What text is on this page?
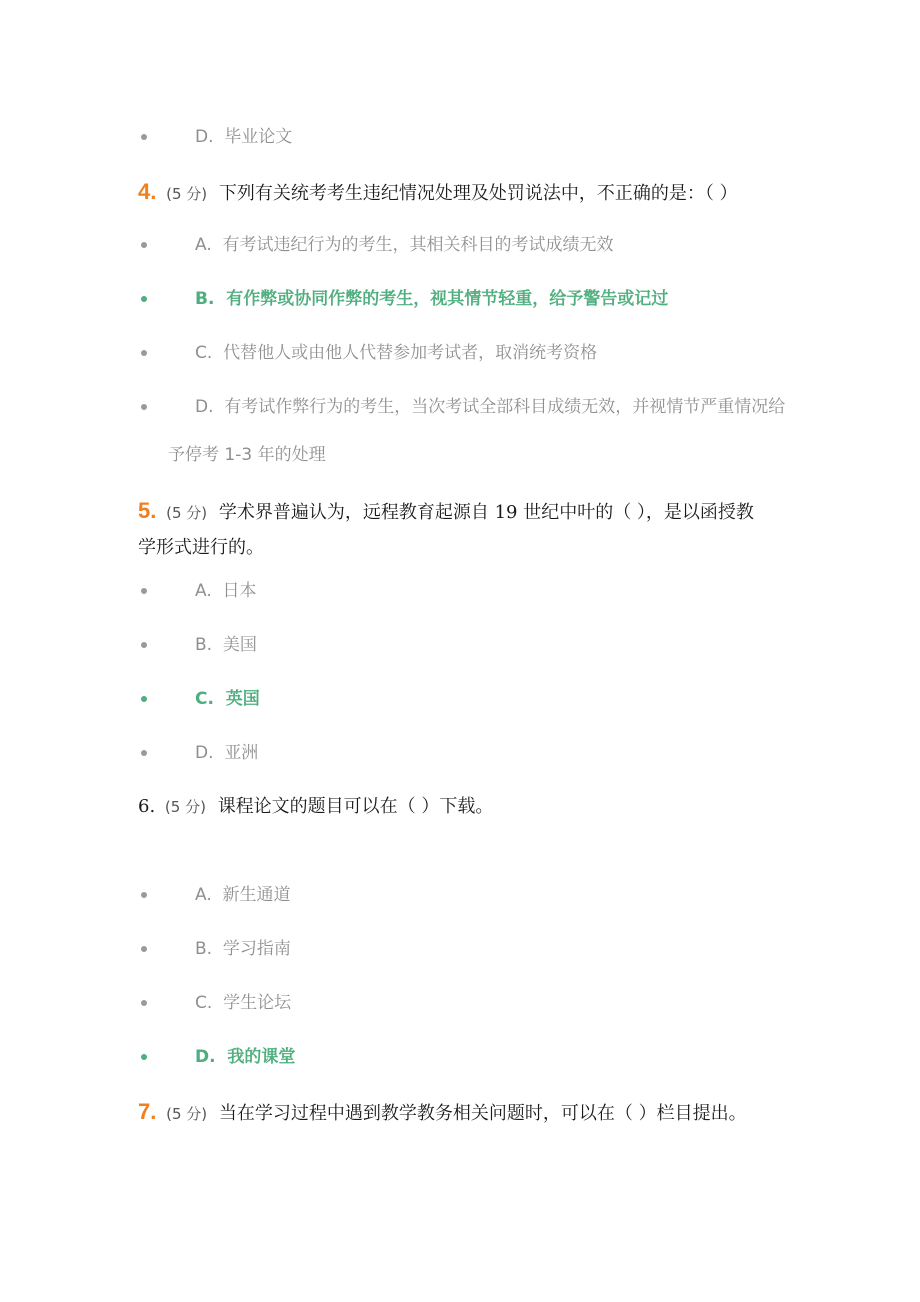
D. 毕业论文
4. (5 分) 下列有关统考考生违纪情况处理及处罚说法中，不正确的是：（ ）
A. 有考试违纪行为的考生，其相关科目的考试成绩无效
B. 有作弊或协同作弊的考生，视其情节轻重，给予警告或记过
C. 代替他人或由他人代替参加考试者，取消统考资格
D. 有考试作弊行为的考生，当次考试全部科目成绩无效，并视情节严重情况给
予停考 1-3 年的处理
5. (5 分) 学术界普遍认为，远程教育起源自 19 世纪中叶的（ ），是以函授教
学形式进行的。
A. 日本
B. 美国
C. 英国
D. 亚洲
6. (5 分) 课程论文的题目可以在（ ）下载。
A. 新生通道
B. 学习指南
C. 学生论坛
D. 我的课堂
7. (5 分) 当在学习过程中遇到教学教务相关问题时，可以在（ ）栏目提出。
